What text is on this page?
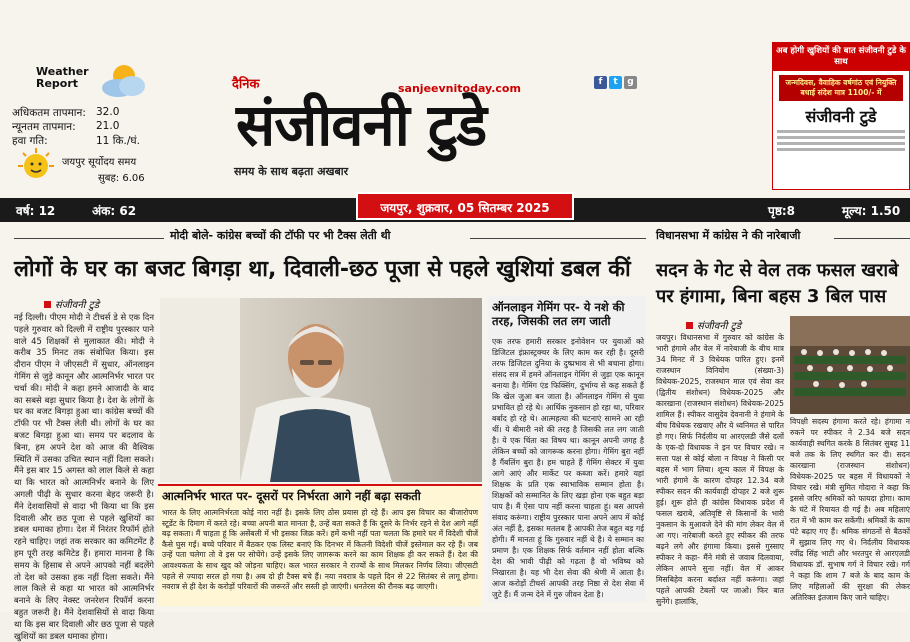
Weather
Report
अधिकतम तापमान: 32.0
न्यूनतम तापमान: 21.0
हवा गति:	11 कि./घं.
जयपुर सूर्योदय समय
सुबह: 6.06
दैनिक	sanjeevnitoday.com
संजीवनी टुडे
समय के साथ बढ़ता अखबार
f	t	g
अब होगी खुशियों की बात संजीवनी टुडे के साथ
जन्मदिवस, वैवाहिक वर्षगांठ एवं नियुक्ति बधाई संदेश मात्र 1100/- में
संजीवनी टुडे
वर्ष: 12	अंक: 62	पृष्ठ:8	मूल्य: 1.50
जयपुर, शुक्रवार, 05 सितम्बर 2025
मोदी बोले- कांग्रेस बच्चों की टॉफी पर भी टैक्स लेती थी	विधानसभा में कांग्रेस ने की नारेबाजी
लोगों के घर का बजट बिगड़ा था, दिवाली-छठ पूजा से पहले खुशियां डबल कीं
संजीवनी टुडे
नई दिल्ली। पीएम मोदी ने टीचर्स डे से एक दिन पहले गुरुवार को दिल्ली में राष्ट्रीय पुरस्कार पाने वाले 45 शिक्षकों से मुलाकात की। मोदी ने करीब 35 मिनट तक संबोधित किया। इस दौरान पीएम ने जीएसटी में सुधार, ऑनलाइन गेमिंग से जुड़े कानून और आत्मनिर्भर भारत पर चर्चा की। मोदी ने कहा हमने आजादी के बाद का सबसे बड़ा सुधार किया है। देश के लोगों के घर का बजट बिगड़ा हुआ था। कांग्रेस बच्चों की टॉफी पर भी टैक्स लेती थी। लोगों के घर का बजट बिगड़ा हुआ था। समय पर बदलाव के बिना, हम अपने देश को आज की वैश्विक स्थिति में उसका उचित स्थान नहीं दिला सकते। मैंने इस बार 15 अगस्त को लाल किले से कहा था कि भारत को आत्मनिर्भर बनाने के लिए अगली पीढ़ी के सुधार करना बेहद जरूरी है। मैंने देशवासियों से वादा भी किया था कि इस दिवाली और छठ पूजा से पहले खुशियों का डबल धमाका होगा। देश में निरंतर रिफॉर्म होते रहने चाहिए। जहां तक सरकार का कमिटमेंट है हम पूरी तरह कमिटेड हैं। हमारा मानना है कि समय के हिसाब से अपने आपको नहीं बदलेंगे तो देश को उसका हक नहीं दिला सकते। मैंने लाल किले से कहा था भारत को आत्मनिर्भर बनाने के लिए नेक्स्ट जनरेशन रिफॉर्म करना बहुत जरूरी है। मैंने देशवासियों से वादा किया था कि इस बार दिवाली और छठ पूजा से पहले खुशियों का डबल धमाका होगा।
आत्मनिर्भर भारत पर- दूसरों पर निर्भरता आगे नहीं बढ़ा सकती
भारत के लिए आत्मनिर्भरता कोई नारा नहीं है। इसके लिए ठोस प्रयास हो रहे हैं। आप इस विचार का बीजारोपण स्टूडेंट के दिमाग में करते रहे। बच्चा अपनी बात मानता है, उन्हें बता सकते हैं कि दूसरे के निर्भर रहने से देश आगे नहीं बढ़ सकता। मैं चाहता हूं कि असेंबली में भी इसका जिक्र करें। हमें कभी नहीं पता चलता कि हमारे घर में विदेशी चीजें कैसे घुस गईं। बच्चे परिवार में बैठकर एक लिस्ट बनाएं कि दिनभर में कितनी विदेशी चीजें इस्तेमाल कर रहे हैं। जब उन्हें पता चलेगा तो वे इस पर सोचेंगे। उन्हें इसके लिए जागरूक करने का काम शिक्षक ही कर सकते हैं। देश की आवश्यकता के साथ खुद को जोड़ना चाहिए। कल भारत सरकार ने राज्यों के साथ मिलकर निर्णय लिया। जीएसटी पहले से ज्यादा सरल हो गया है। अब दो ही टैक्स बचे हैं। नया नवरात्र के पहले दिन से 22 सितंबर से लागू होगा। नवरात्र से ही देश के करोड़ों परिवारों की जरूरतें और सस्ती हो जाएंगी। धनतेरस की रौनक बढ़ जाएगी।
ऑनलाइन गेमिंग पर- ये नशे की तरह, जिसकी लत लग जाती
एक तरफ हमारी सरकार इनोवेशन पर युवाओं को डिजिटल इंफ्रास्ट्रक्चर के लिए काम कर रही है। दूसरी तरफ डिजिटल दुनिया के दुष्प्रभाव से भी बचाना होगा। संसद सत्र में हमने ऑनलाइन गेमिंग से जुड़ा एक कानून बनाया है। गेमिंग एंड फिक्सिंग, दुर्भाग्य से कह सकते हैं कि खेल जुआ बन जाता है। ऑनलाइन गेमिंग से युवा प्रभावित हो रहे थे। आर्थिक नुकसान हो रहा था, परिवार बर्बाद हो रहे थे। आत्महत्या की घटनाएं सामने आ रही थीं। ये बीमारी नशे की तरह है जिसकी लत लग जाती है। ये एक चिंता का विषय था। कानून अपनी जगह है लेकिन बच्चों को जागरूक करना होगा। गेमिंग बुरा नहीं है गैंबलिंग बुरा है। हम चाहते हैं गेमिंग सेक्टर में युवा आगे आएं और मार्केट पर कब्जा करें। हमारे यहां शिक्षक के प्रति एक स्वाभाविक सम्मान होता है। शिक्षकों को सम्मानित के लिए खड़ा होना एक बहुत बड़ा पाप है। मैं ऐसा पाप नहीं करना चाहता हूं। बस आपसे संवाद करूंगा। राष्ट्रीय पुरस्कार पाना अपने आप में कोई अंत नहीं है, इसका मतलब है आपकी तेज बहुत बड़ गई होगी। मैं मानता हूं कि गुरुवार नहीं थे है। ये सम्मान का प्रमाण है। एक शिक्षक सिर्फ वर्तमान नहीं होता बल्कि देश की भावी पीढ़ी को गढ़ता है वो भविष्य को निखारता है। यह भी देश सेवा की श्रेणी में आता है। आज करोड़ों टीचर्स आपकी तरह निष्ठा से देश सेवा में जुटे हैं। मैं जन्म देने में गुरु जीवन देता है।
सदन के गेट से वेल तक फसल खराबे
पर हंगामा, बिना बहस 3 बिल पास
संजीवनी टुडे
जयपुर। विधानसभा में गुरुवार को कांग्रेस के भारी हंगामे और वेल में नारेबाजी के बीच मात्र 34 मिनट में 3 विधेयक पारित हुए। इनमें राजस्थान विनियोग (संख्या-3) विधेयक-2025, राजस्थान माल एवं सेवा कर (द्वितीय संशोधन) विधेयक-2025 और कारखाना (राजस्थान संशोधन) विधेयक-2025 शामिल हैं। स्पीकर वासुदेव देवनानी ने हंगामे के बीच विधेयक रखवाए और ये ध्वनिमत से पारित हो गए। सिर्फ निर्दलीय या आरएलडी जैसे दलों के एक-दो विधायक ने इन पर विचार रखे। न सत्ता पक्ष से कोई बोला न विपक्ष ने किसी पर बहस में भाग लिया। शून्य काल में विपक्ष के भारी हंगामे के कारण दोपहर 12.34 बजे स्पीकर सदन की कार्यवाही दोपहर 2 बजे शुरू हुई। शुरू होते ही कांग्रेस विधायक प्रदेश में फसल खराबे, अतिवृष्टि से किसानों के भारी नुकसान के मुआवजे देने की मांग लेकर वेल में आ गए। नारेबाजी करते हुए स्पीकर की तरफ बढ़ने लगे और हंगामा किया। इससे गुस्साए स्पीकर ने कहा- मैंने मंत्री से जवाब दिलवाया, लेकिन आपने सुना नहीं। वेल में आकर मिसबिहेव करना बर्दाश्त नहीं करूंगा। जहां पहले आपकी टेबलों पर जाओ। फिर बात सुनेंगे। हालांकि,
विपक्षी सदस्य हंगामा करते रहे। हंगामा न रुकने पर स्पीकर ने 2.34 बजे सदन कार्यवाही स्थगित करके 8 सितंबर सुबह 11 बजे तक के लिए स्थगित कर दी। सदन कारखाना (राजस्थान संशोधन) विधेयक-2025 पर बहस में विधायकों ने विचार रखे। मंत्री सुमित गोदारा ने कहा कि इससे जरिए श्रमिकों को फायदा होगा। काम के घंटे में रियायत दी गई है। अब महिलाएं रात में भी काम कर सकेंगी। श्रमिकों के काम घंटे बढ़ाए गए हैं। श्रमिक संगठनों से बैठकों में सुझाव लिए गए थे। निर्दलीय विधायक रवींद्र सिंह भाटी और भरतपुर से आरएलडी विधायक डॉ. सुभाष गर्ग ने विचार रखे। गर्ग ने कहा कि शाम 7 बजे के बाद काम के लिए महिलाओं की सुरक्षा की लेकर अतिरिक्त इंतजाम किए जाने चाहिए।
